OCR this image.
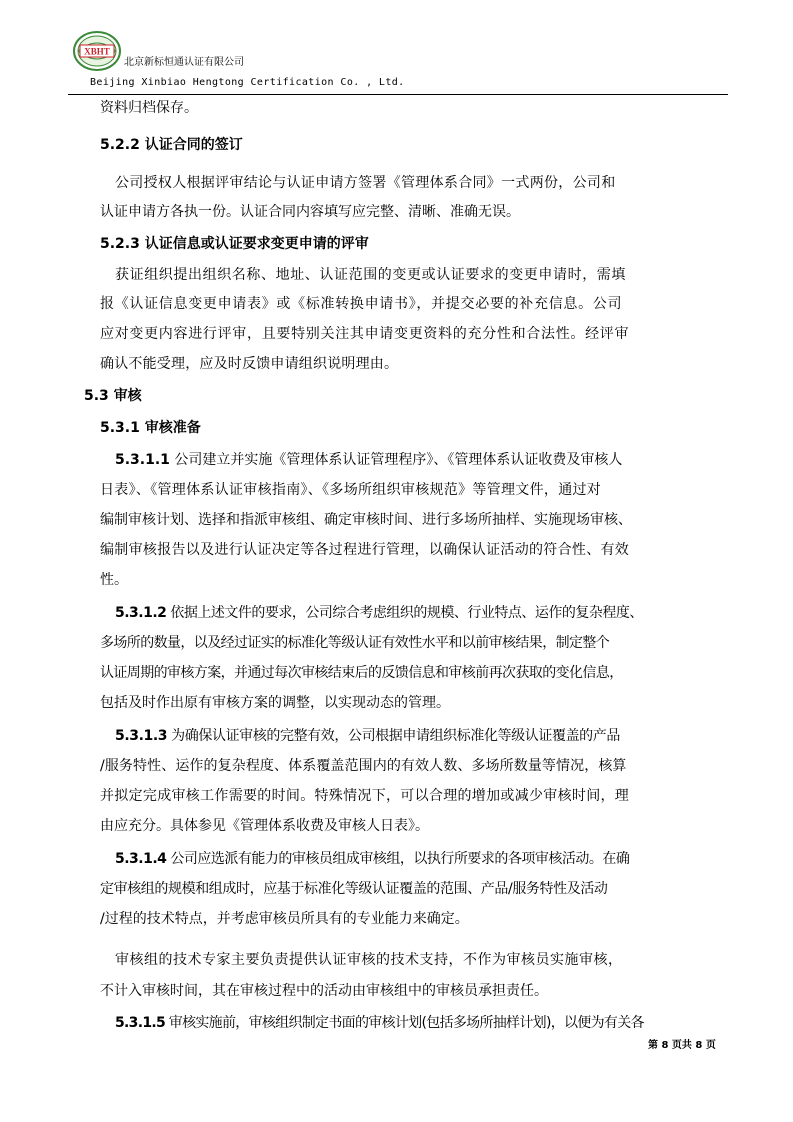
XBHT
北京新标恒通认证有限公司
Beijing Xinbiao Hengtong Certification Co. , Ltd.
资料归档保存。
5.2.2 认证合同的签订
公司授权人根据评审结论与认证申请方签署《管理体系合同》一式两份，公司和
认证申请方各执一份。认证合同内容填写应完整、清晰、准确无误。
5.2.3 认证信息或认证要求变更申请的评审
获证组织提出组织名称、地址、认证范围的变更或认证要求的变更申请时，需填
报《认证信息变更申请表》或《标准转换申请书》，并提交必要的补充信息。公司
应对变更内容进行评审，且要特别关注其申请变更资料的充分性和合法性。经评审
确认不能受理，应及时反馈申请组织说明理由。
5.3 审核
5.3.1 审核准备
5.3.1.1 公司建立并实施《管理体系认证管理程序》、《管理体系认证收费及审核人
日表》、《管理体系认证审核指南》、《多场所组织审核规范》等管理文件，通过对
编制审核计划、选择和指派审核组、确定审核时间、进行多场所抽样、实施现场审核、
编制审核报告以及进行认证决定等各过程进行管理，以确保认证活动的符合性、有效
性。
5.3.1.2 依据上述文件的要求，公司综合考虑组织的规模、行业特点、运作的复杂程度、
多场所的数量，以及经过证实的标准化等级认证有效性水平和以前审核结果，制定整个
认证周期的审核方案，并通过每次审核结束后的反馈信息和审核前再次获取的变化信息，
包括及时作出原有审核方案的调整，以实现动态的管理。
5.3.1.3 为确保认证审核的完整有效，公司根据申请组织标准化等级认证覆盖的产品
/服务特性、运作的复杂程度、体系覆盖范围内的有效人数、多场所数量等情况，核算
并拟定完成审核工作需要的时间。特殊情况下，可以合理的增加或减少审核时间，理
由应充分。具体参见《管理体系收费及审核人日表》。
5.3.1.4 公司应选派有能力的审核员组成审核组，以执行所要求的各项审核活动。在确
定审核组的规模和组成时，应基于标准化等级认证覆盖的范围、产品/服务特性及活动
/过程的技术特点，并考虑审核员所具有的专业能力来确定。
审核组的技术专家主要负责提供认证审核的技术支持，不作为审核员实施审核，
不计入审核时间，其在审核过程中的活动由审核组中的审核员承担责任。
5.3.1.5 审核实施前，审核组织制定书面的审核计划(包括多场所抽样计划)，以便为有关各
第 8 页共 8 页
